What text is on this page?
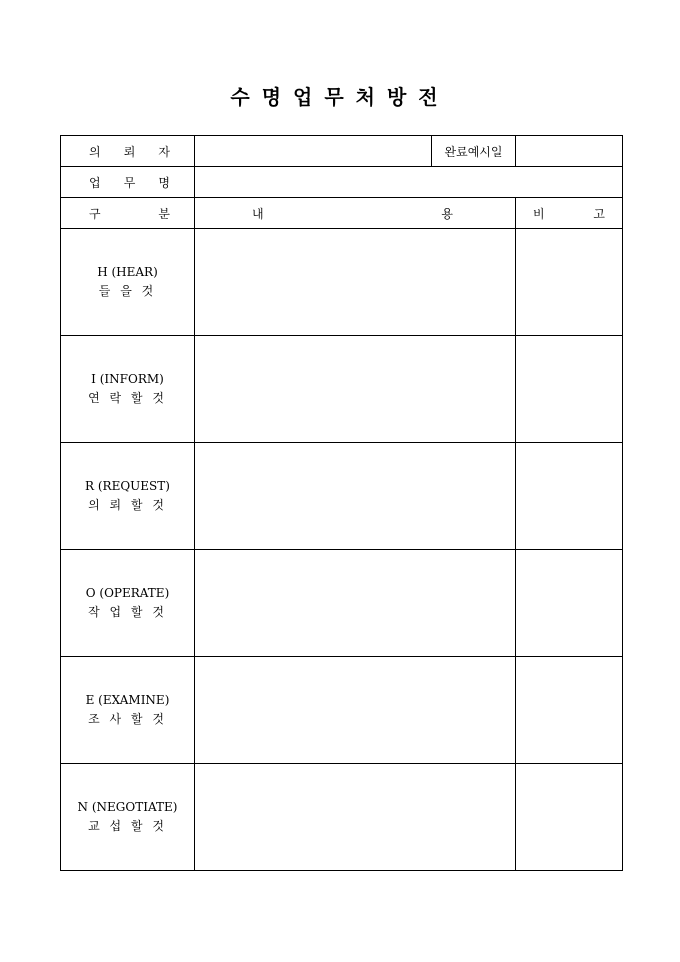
수명업무처방전
의 뢰 자		완료예시일	

업 무 명			

구 분	내 용		비 고

H (HEAR)
들 을 것			

I (INFORM)
연 락 할 것			

R (REQUEST)
의 뢰 할 것			

O (OPERATE)
작 업 할 것			

E (EXAMINE)
조 사 할 것			

N (NEGOTIATE)
교 섭 할 것			
